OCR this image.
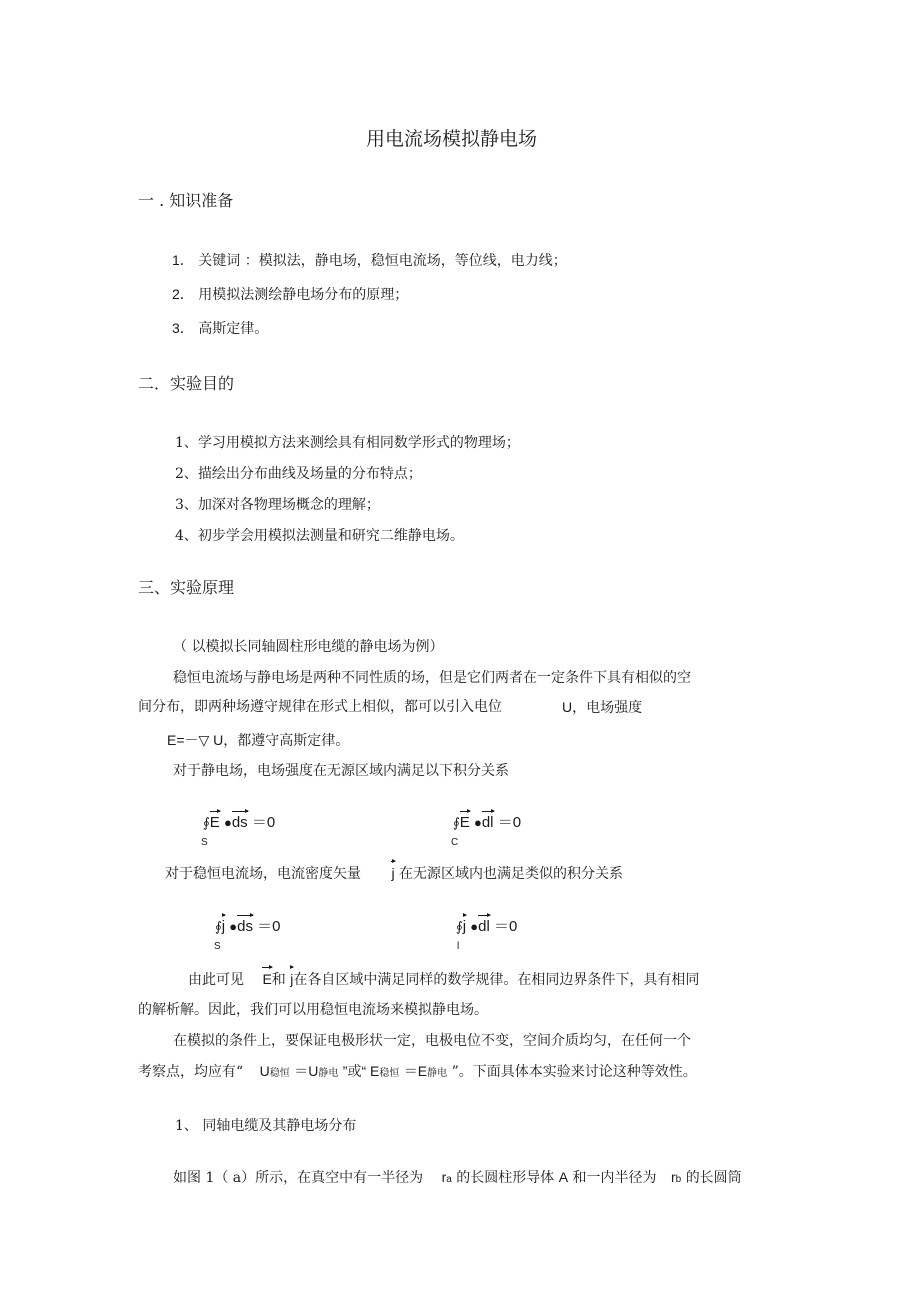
用电流场模拟静电场
一 . 知识准备
1． 关键词 ：模拟法，静电场，稳恒电流场，等位线，电力线；
2． 用模拟法测绘静电场分布的原理；
3． 高斯定律。
二．实验目的
1、学习用模拟方法来测绘具有相同数学形式的物理场；
2、描绘出分布曲线及场量的分布特点；
3、加深对各物理场概念的理解；
4、初步学会用模拟法测量和研究二维静电场。
三、实验原理
（ 以模拟长同轴圆柱形电缆的静电场为例）
稳恒电流场与静电场是两种不同性质的场，但是它们两者在一定条件下具有相似的空
间分布，即两种场遵守规律在形式上相似，都可以引入电位	U，电场强度
E=－▽ U，都遵守高斯定律。
对于静电场，电场强度在无源区域内满足以下积分关系
∮E ●ds ＝0
S
∮E ●dl ＝0
C
对于稳恒电流场，电流密度矢量 j 在无源区域内也满足类似的积分关系
∮j ●ds ＝0
S
∮j ●dl ＝0
l
由此可见 E和 j在各自区域中满足同样的数学规律。在相同边界条件下，具有相同
的解析解。因此，我们可以用稳恒电流场来模拟静电场。
在模拟的条件上，要保证电极形状一定，电极电位不变，空间介质均匀，在任何一个
考察点，均应有“ U稳恒 ＝U静电 ”或“ E稳恒 ＝E静电 ”。下面具体本实验来讨论这种等效性。
1、 同轴电缆及其静电场分布
如图 1（ a）所示，在真空中有一半径为 ra 的长圆柱形导体 A 和一内半径为 rb 的长圆筒
